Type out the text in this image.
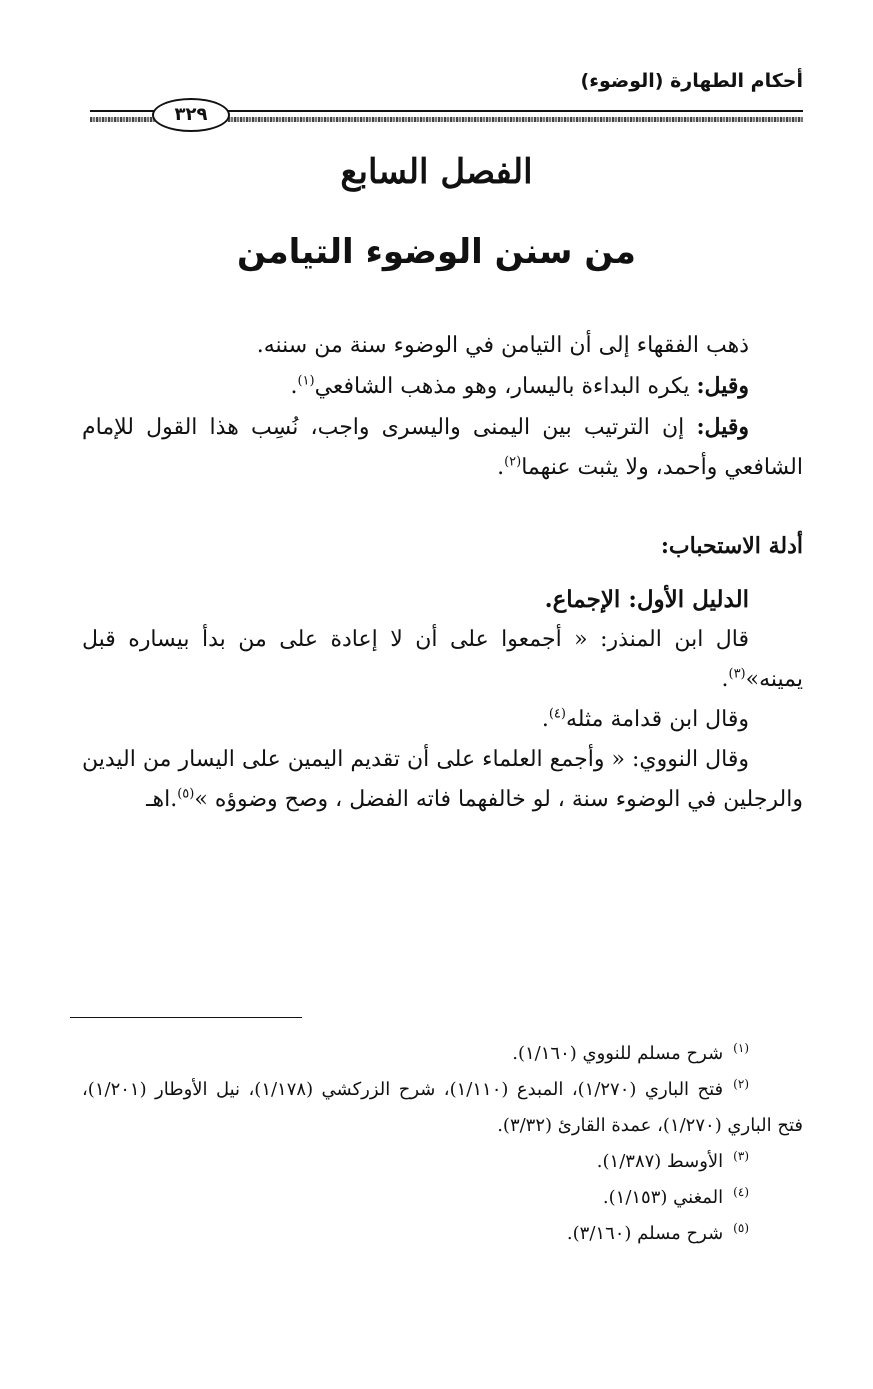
أحكام الطهارة (الوضوء)
٣٢٩
الفصل السابع
من سنن الوضوء التيامن

ذهب الفقهاء إلى أن التيامن في الوضوء سنة من سننه.

وقيل: يكره البداءة باليسار، وهو مذهب الشافعي$^{(١)}$.

وقيل: إن الترتيب بين اليمنى واليسرى واجب، نُسِب هذا القول للإمام الشافعي وأحمد، ولا يثبت عنهما$^{(٢)}$.

أدلة الاستحباب:
الدليل الأول: الإجماع.

قال ابن المنذر: « أجمعوا على أن لا إعادة على من بدأ بيساره قبل يمينه»$^{(٣)}$.

وقال ابن قدامة مثله$^{(٤)}$.

وقال النووي: « وأجمع العلماء على أن تقديم اليمين على اليسار من اليدين والرجلين في الوضوء سنة ، لو خالفهما فاته الفضل ، وصح وضوؤه »$^{(٥)}$.اهـ

$^{(١)}$شرح مسلم للنووي (١/١٦٠).

$^{(٢)}$فتح الباري (١/٢٧٠)، المبدع (١/١١٠)، شرح الزركشي (١/١٧٨)، نيل الأوطار (١/٢٠١)، فتح الباري (١/٢٧٠)، عمدة القارئ (٣/٣٢).

$^{(٣)}$الأوسط (١/٣٨٧).

$^{(٤)}$المغني (١/١٥٣).

$^{(٥)}$شرح مسلم (٣/١٦٠).
